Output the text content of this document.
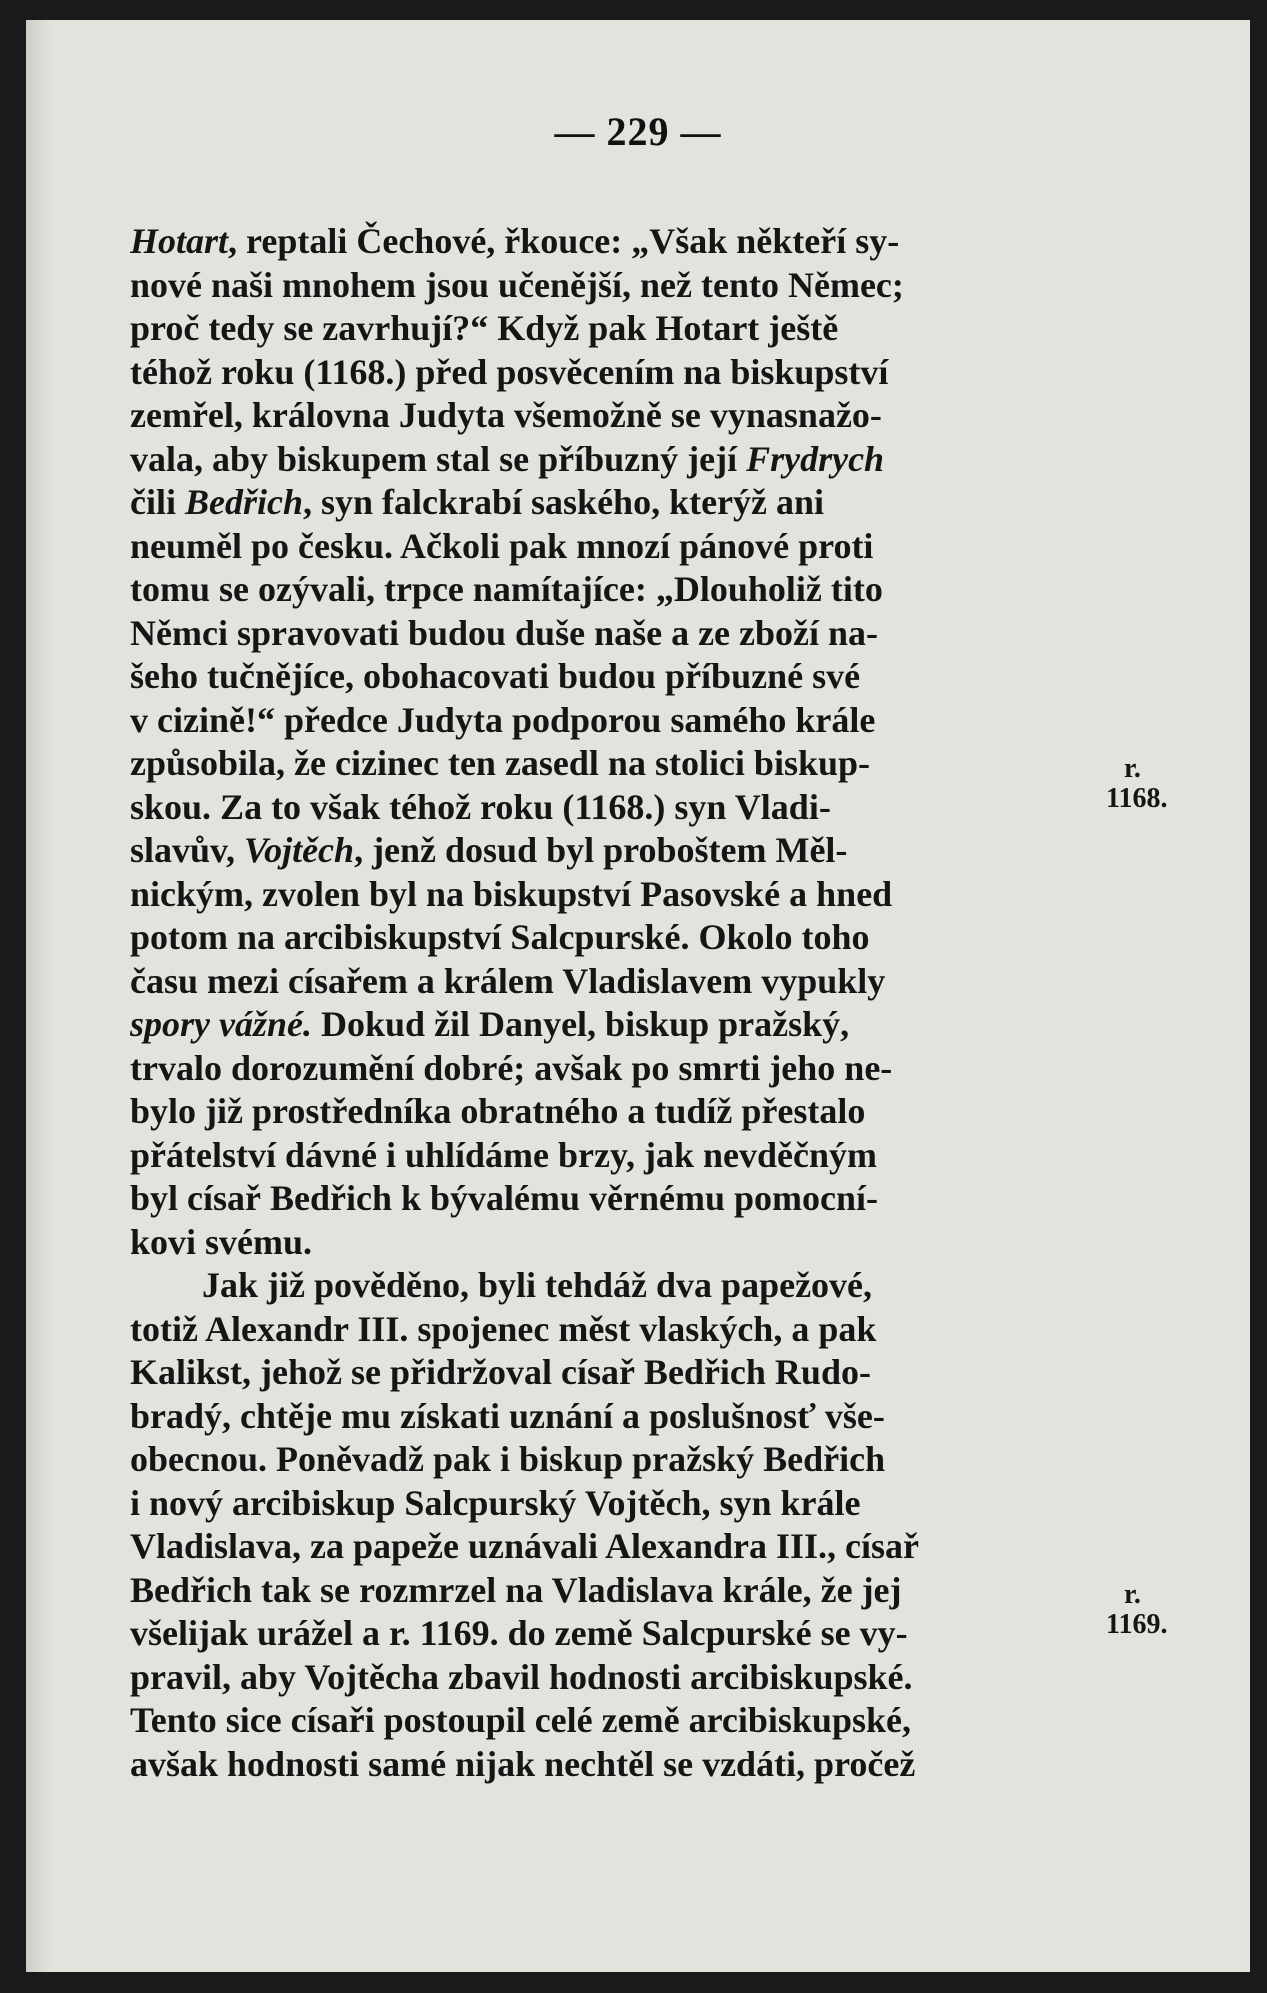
— 229 —
Hotart, reptali Čechové, řkouce: „Však někteří sy-
nové naši mnohem jsou učenější, než tento Němec;
proč tedy se zavrhují?“ Když pak Hotart ještě
téhož roku (1168.) před posvěcením na biskupství
zemřel, královna Judyta všemožně se vynasnažo-
vala, aby biskupem stal se příbuzný její Frydrych
čili Bedřich, syn falckrabí saského, kterýž ani
neuměl po česku. Ačkoli pak mnozí pánové proti
tomu se ozývali, trpce namítajíce: „Dlouholiž tito
Němci spravovati budou duše naše a ze zboží na-
šeho tučnějíce, obohacovati budou příbuzné své
v cizině!“ předce Judyta podporou samého krále
způsobila, že cizinec ten zasedl na stolici biskup-
skou. Za to však téhož roku (1168.) syn Vladi-
slavův, Vojtěch, jenž dosud byl proboštem Měl-
nickým, zvolen byl na biskupství Pasovské a hned
potom na arcibiskupství Salcpurské. Okolo toho
času mezi císařem a králem Vladislavem vypukly
spory vážné. Dokud žil Danyel, biskup pražský,
trvalo dorozumění dobré; avšak po smrti jeho ne-
bylo již prostředníka obratného a tudíž přestalo
přátelství dávné i uhlídáme brzy, jak nevděčným
byl císař Bedřich k bývalému věrnému pomocní-
kovi svému.
Jak již pověděno, byli tehdáž dva papežové,
totiž Alexandr III. spojenec měst vlaských, a pak
Kalikst, jehož se přidržoval císař Bedřich Rudo-
bradý, chtěje mu získati uznání a poslušnosť vše-
obecnou. Poněvadž pak i biskup pražský Bedřich
i nový arcibiskup Salcpurský Vojtěch, syn krále
Vladislava, za papeže uznávali Alexandra III., císař
Bedřich tak se rozmrzel na Vladislava krále, že jej
všelijak urážel a r. 1169. do země Salcpurské se vy-
pravil, aby Vojtěcha zbavil hodnosti arcibiskupské.
Tento sice císaři postoupil celé země arcibiskupské,
avšak hodnosti samé nijak nechtěl se vzdáti, pročež
r.
1168.
r.
1169.
